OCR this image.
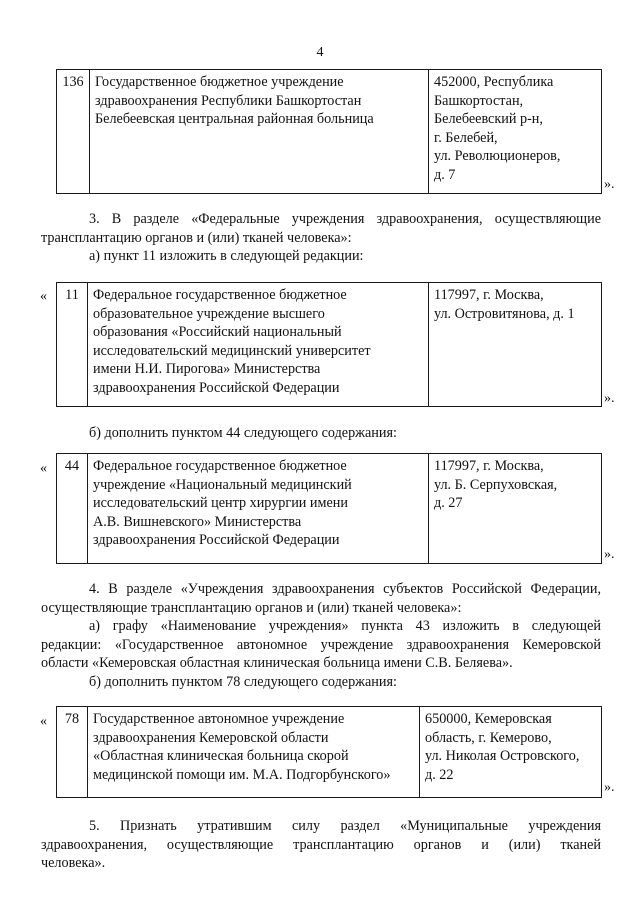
4
136	Государственное бюджетное учреждение
здравоохранения Республики Башкортостан
Белебеевская центральная районная больница	452000, Республика
Башкортостан,
Белебеевский р-н,
г. Белебей,
ул. Революционеров,
д. 7
».
3. В разделе «Федеральные учреждения здравоохранения, осуществляющие
трансплантацию органов и (или) тканей человека»:
а) пункт 11 изложить в следующей редакции:
« 11	Федеральное государственное бюджетное
образовательное учреждение высшего
образования «Российский национальный
исследовательский медицинский университет
имени Н.И. Пирогова» Министерства
здравоохранения Российской Федерации	117997, г. Москва,
ул. Островитянова, д. 1
».
б) дополнить пунктом 44 следующего содержания:
« 44	Федеральное государственное бюджетное
учреждение «Национальный медицинский
исследовательский центр хирургии имени
А.В. Вишневского» Министерства
здравоохранения Российской Федерации	117997, г. Москва,
ул. Б. Серпуховская,
д. 27
».
4. В разделе «Учреждения здравоохранения субъектов Российской Федерации,
осуществляющие трансплантацию органов и (или) тканей человека»:
а) графу «Наименование учреждения» пункта 43 изложить в следующей
редакции: «Государственное автономное учреждение здравоохранения Кемеровской
области «Кемеровская областная клиническая больница имени С.В. Беляева».
б) дополнить пунктом 78 следующего содержания:
« 78	Государственное автономное учреждение
здравоохранения Кемеровской области
«Областная клиническая больница скорой
медицинской помощи им. М.А. Подгорбунского»	650000, Кемеровская
область, г. Кемерово,
ул. Николая Островского,
д. 22
».
5. Признать утратившим силу раздел «Муниципальные учреждения
здравоохранения, осуществляющие трансплантацию органов и (или) тканей
человека».
